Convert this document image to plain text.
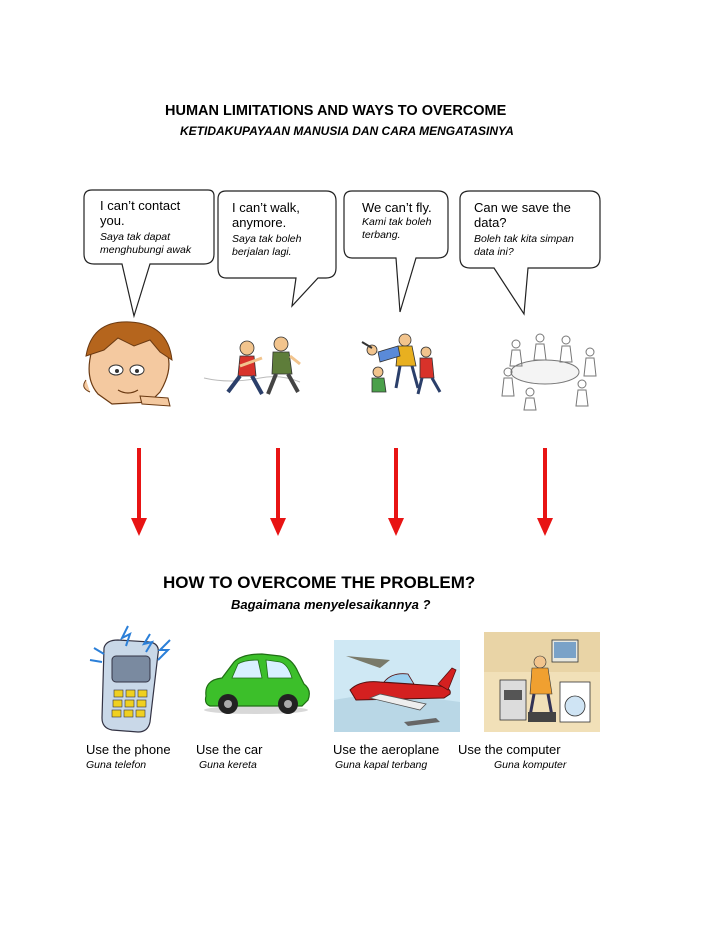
HUMAN LIMITATIONS AND WAYS TO OVERCOME
KETIDAKUPAYAAN MANUSIA DAN CARA MENGATASINYA
I can’t contact you.
Saya tak dapat menghubungi awak
I can’t walk, anymore.
Saya tak boleh berjalan lagi.
We can’t fly.
Kami tak boleh terbang.
Can we save the data?
Boleh tak kita simpan data ini?
HOW TO OVERCOME THE PROBLEM?
Bagaimana menyelesaikannya ?
Use the phone
Guna telefon
Use the car
Guna kereta
Use the aeroplane
Guna kapal terbang
Use the computer
Guna komputer
